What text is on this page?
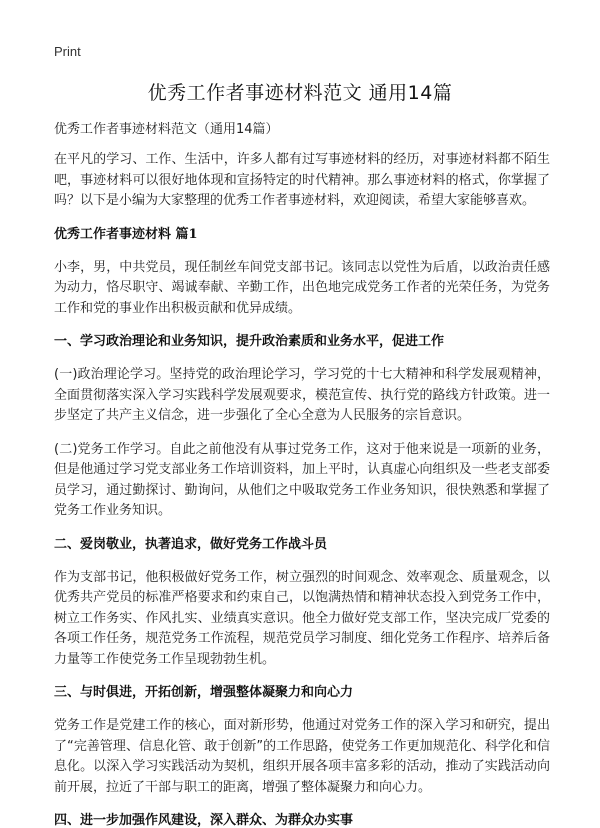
Print
优秀工作者事迹材料范文 通用14篇

优秀工作者事迹材料范文（通用14篇）

在平凡的学习、工作、生活中，许多人都有过写事迹材料的经历，对事迹材料都不陌生吧，事迹材料可以很好地体现和宣扬特定的时代精神。那么事迹材料的格式，你掌握了吗？以下是小编为大家整理的优秀工作者事迹材料，欢迎阅读，希望大家能够喜欢。

优秀工作者事迹材料 篇1

小李，男，中共党员，现任制丝车间党支部书记。该同志以党性为后盾，以政治责任感为动力，恪尽职守、竭诚奉献、辛勤工作，出色地完成党务工作者的光荣任务，为党务工作和党的事业作出积极贡献和优异成绩。

一、学习政治理论和业务知识，提升政治素质和业务水平，促进工作

(一)政治理论学习。坚持党的政治理论学习，学习党的十七大精神和科学发展观精神，全面贯彻落实深入学习实践科学发展观要求，模范宣传、执行党的路线方针政策。进一步坚定了共产主义信念，进一步强化了全心全意为人民服务的宗旨意识。

(二)党务工作学习。自此之前他没有从事过党务工作，这对于他来说是一项新的业务，但是他通过学习党支部业务工作培训资料，加上平时，认真虚心向组织及一些老支部委员学习，通过勤探讨、勤询问，从他们之中吸取党务工作业务知识，很快熟悉和掌握了党务工作业务知识。

二、爱岗敬业，执著追求，做好党务工作战斗员

作为支部书记，他积极做好党务工作，树立强烈的时间观念、效率观念、质量观念，以优秀共产党员的标准严格要求和约束自己，以饱满热情和精神状态投入到党务工作中，树立工作务实、作风扎实、业绩真实意识。他全力做好党支部工作，坚决完成厂党委的各项工作任务，规范党务工作流程，规范党员学习制度、细化党务工作程序、培养后备力量等工作使党务工作呈现勃勃生机。

三、与时俱进，开拓创新，增强整体凝聚力和向心力

党务工作是党建工作的核心，面对新形势，他通过对党务工作的深入学习和研究，提出了“完善管理、信息化管、敢于创新”的工作思路，使党务工作更加规范化、科学化和信息化。以深入学习实践活动为契机，组织开展各项丰富多彩的活动，推动了实践活动向前开展，拉近了干部与职工的距离，增强了整体凝聚力和向心力。

四、进一步加强作风建设，深入群众、为群众办实事
